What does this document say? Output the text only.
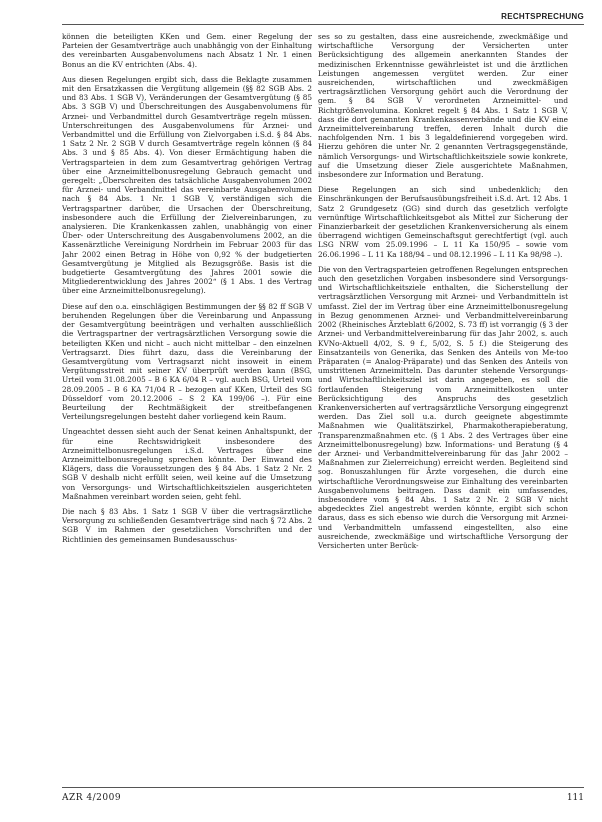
RECHTSPRECHUNG

können die beteiligten KKen und Gem. einer Regelung der Parteien der Gesamtverträge auch unabhängig von der Einhaltung des vereinbarten Ausgabenvolumens nach Absatz 1 Nr. 1 einen Bonus an die KV entrichten (Abs. 4).

Aus diesen Regelungen ergibt sich, dass die Beklagte zusammen mit den Ersatzkassen die Vergütung allgemein (§§ 82 SGB Abs. 2 und 83 Abs. 1 SGB V), Veränderungen der Gesamtvergütung (§ 85 Abs. 3 SGB V) und Überschreitungen des Ausgabenvolumens für Arznei- und Verbandmittel durch Gesamtverträge regeln müssen. Unterschreitungen des Ausgabenvolumens für Arznei- und Verbandmittel und die Erfüllung von Zielvorgaben i.S.d. § 84 Abs. 1 Satz 2 Nr. 2 SGB V durch Gesamtverträge regeln können (§ 84 Abs. 3 und § 85 Abs. 4). Von dieser Ermächtigung haben die Vertragsparteien in dem zum Gesamtvertrag gehörigen Vertrag über eine Arzneimittelbonusregelung Gebrauch gemacht und geregelt: „Überschreiten des tatsächliche Ausgabenvolumen 2002 für Arznei- und Verbandmittel das vereinbarte Ausgabenvolumen nach § 84 Abs. 1 Nr. 1 SGB V, verständigen sich die Vertragspartner darüber, die Ursachen der Überschreitung, insbesondere auch die Erfüllung der Zielvereinbarungen, zu analysieren. Die Krankenkassen zahlen, unabhängig von einer Über- oder Unterschreitung des Ausgabenvolumens 2002, an die Kassenärztliche Vereinigung Nordrhein im Februar 2003 für das Jahr 2002 einen Betrag in Höhe von 0,92 % der budgetierten Gesamtvergütung je Mitglied als Bezugsgröße. Basis ist die budgetierte Gesamtvergütung des Jahres 2001 sowie die Mitgliederentwicklung des Jahres 2002“ (§ 1 Abs. 1 des Vertrag über eine Arzneimittelbonusregelung).

Diese auf den o.a. einschlägigen Bestimmungen der §§ 82 ff SGB V beruhenden Regelungen über die Vereinbarung und Anpassung der Gesamtvergütung beeinträgen und verhalten ausschließlich die Vertragspartner der vertragsärztlichen Versorgung sowie die beteiligten KKen und nicht – auch nicht mittelbar – den einzelnen Vertragsarzt. Dies führt dazu, dass die Vereinbarung der Gesamtvergütung vom Vertragsarzt nicht insoweit in einem Vergütungsstreit mit seiner KV überprüft werden kann (BSG, Urteil vom 31.08.2005 – B 6 KA 6/04 R – vgl. auch BSG, Urteil vom 28.09.2005 – B 6 KA 71/04 R – bezogen auf KKen, Urteil des SG Düsseldorf vom 20.12.2006 – S 2 KA 199/06 –). Für eine Beurteilung der Rechtmäßigkeit der streitbefangenen Verteilungsregelungen besteht daher vorliegend kein Raum.

Ungeachtet dessen sieht auch der Senat keinen Anhaltspunkt, der für eine Rechtswidrigkeit insbesondere des Arzneimittelbonusregelungen i.S.d. Vertrages über eine Arzneimittelbonusregelung sprechen könnte. Der Einwand des Klägers, dass die Voraussetzungen des § 84 Abs. 1 Satz 2 Nr. 2 SGB V deshalb nicht erfüllt seien, weil keine auf die Umsetzung von Versorgungs- und Wirtschaftlichkeitszielen ausgerichteten Maßnahmen vereinbart worden seien, geht fehl.

Die nach § 83 Abs. 1 Satz 1 SGB V über die vertragsärztliche Versorgung zu schließenden Gesamtverträge sind nach § 72 Abs. 2 SGB V im Rahmen der gesetzlichen Vorschriften und der Richtlinien des gemeinsamen Bundesausschus-

ses so zu gestalten, dass eine ausreichende, zweckmäßige und wirtschaftliche Versorgung der Versicherten unter Berücksichtigung des allgemein anerkannten Standes der medizinischen Erkenntnisse gewährleistet ist und die ärztlichen Leistungen angemessen vergütet werden. Zur einer ausreichenden, wirtschaftlichen und zweckmäßigen vertragsärztlichen Versorgung gehört auch die Verordnung der gem. § 84 SGB V verordneten Arzneimittel- und Richtgrößenvolumina. Konkret regelt § 84 Abs. 1 Satz 1 SGB V, dass die dort genannten Krankenkassenverbände und die KV eine Arzneimittelvereinbarung treffen, deren Inhalt durch die nachfolgenden Nrn. 1 bis 3 legaldefinierend vorgegeben wird. Hierzu gehören die unter Nr. 2 genannten Vertragsgegenstände, nämlich Versorgungs- und Wirtschaftlichkeitsziele sowie konkrete, auf die Umsetzung dieser Ziele ausgerichtete Maßnahmen, insbesondere zur Information und Beratung.

Diese Regelungen an sich sind unbedenklich; den Einschränkungen der Berufsausübungsfreiheit i.S.d. Art. 12 Abs. 1 Satz 2 Grundgesetz (GG) sind durch das gesetzlich verfolgte vernünftige Wirtschaftlichkeitsgebot als Mittel zur Sicherung der Finanzierbarkeit der gesetzlichen Krankenversicherung als einem überragend wichtigen Gemeinschaftsgut gerechtfertigt (vgl. auch LSG NRW vom 25.09.1996 – L 11 Ka 150/95 – sowie vom 26.06.1996 – L 11 Ka 188/94 – und 08.12.1996 – L 11 Ka 98/98 –).

Die von den Vertragsparteien getroffenen Regelungen entsprechen auch den gesetzlichen Vorgaben insbesondere sind Versorgungs- und Wirtschaftlichkeitsziele enthalten, die Sicherstellung der vertragsärztlichen Versorgung mit Arznei- und Verbandmitteln ist umfasst. Ziel der im Vertrag über eine Arzneimittelbonusregelung in Bezug genommenen Arznei- und Verbandmittelvereinbarung 2002 (Rheinisches Ärzteblatt 6/2002, S. 73 ff) ist vorrangig (§ 3 der Arznei- und Verbandmittelvereinbarung für das Jahr 2002, s. auch KVNo-Aktuell 4/02, S. 9 f., 5/02, S. 5 f.) die Steigerung des Einsatzanteils von Generika, das Senken des Anteils von Me-too Präparaten (= Analog-Präparate) und das Senken des Anteils von umstrittenen Arzneimitteln. Das darunter stehende Versorgungs- und Wirtschaftlichkeitsziel ist darin angegeben, es soll die fortlaufenden Steigerung vom Arzneimittelkosten unter Berücksichtigung des Anspruchs des gesetzlich Krankenversicherten auf vertragsärztliche Versorgung eingegrenzt werden. Das Ziel soll u.a. durch geeignete abgestimmte Maßnahmen wie Qualitätszirkel, Pharmakotherapieberatung, Transparenzmaßnahmen etc. (§ 1 Abs. 2 des Vertrages über eine Arzneimittelbonusregelung) bzw. Informations- und Beratung (§ 4 der Arznei- und Verbandmittelvereinbarung für das Jahr 2002 – Maßnahmen zur Zielerreichung) erreicht werden. Begleitend sind sog. Bonuszahlungen für Ärzte vorgesehen, die durch eine wirtschaftliche Verordnungsweise zur Einhaltung des vereinbarten Ausgabenvolumens beitragen. Dass damit ein umfassendes, insbesondere vom § 84 Abs. 1 Satz 2 Nr. 2 SGB V nicht abgedecktes Ziel angestrebt werden könnte, ergibt sich schon daraus, dass es sich ebenso wie durch die Versorgung mit Arznei- und Verbandmitteln umfassend eingestellten, also eine ausreichende, zweckmäßige und wirtschaftliche Versorgung der Versicherten unter Berück-

AZR 4/2009	111
